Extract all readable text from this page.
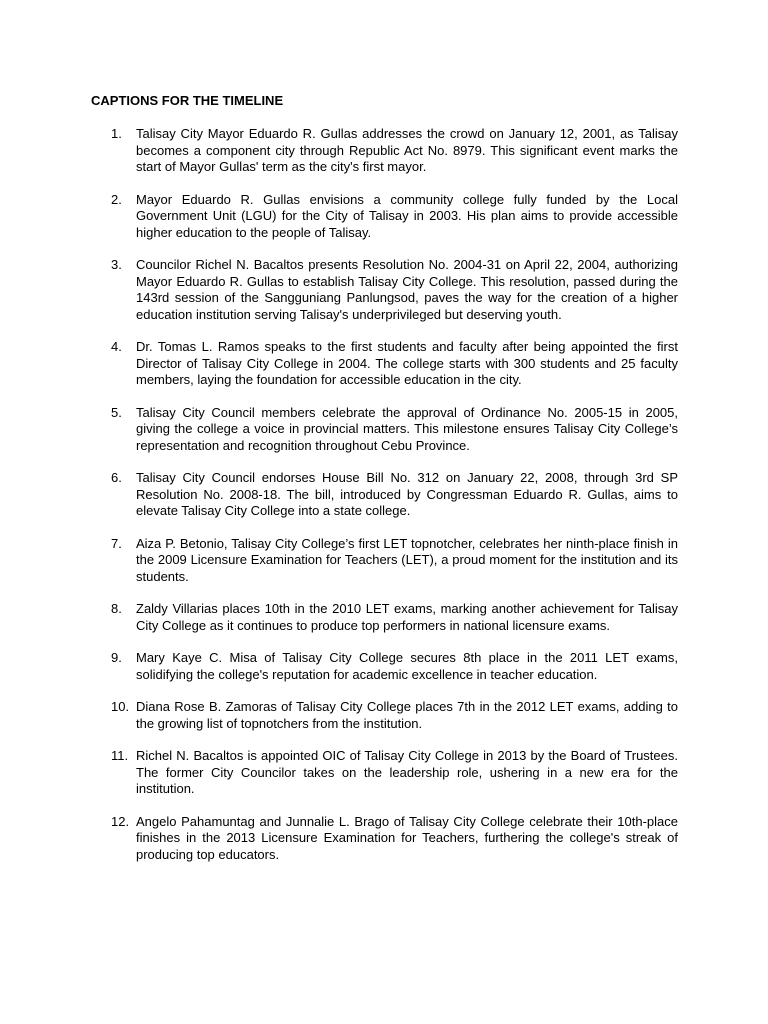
CAPTIONS FOR THE TIMELINE
1.	Talisay City Mayor Eduardo R. Gullas addresses the crowd on January 12, 2001, as Talisay becomes a component city through Republic Act No. 8979. This significant event marks the start of Mayor Gullas' term as the city's first mayor.
2.	Mayor Eduardo R. Gullas envisions a community college fully funded by the Local Government Unit (LGU) for the City of Talisay in 2003. His plan aims to provide accessible higher education to the people of Talisay.
3.	Councilor Richel N. Bacaltos presents Resolution No. 2004-31 on April 22, 2004, authorizing Mayor Eduardo R. Gullas to establish Talisay City College. This resolution, passed during the 143rd session of the Sangguniang Panlungsod, paves the way for the creation of a higher education institution serving Talisay's underprivileged but deserving youth.
4.	Dr. Tomas L. Ramos speaks to the first students and faculty after being appointed the first Director of Talisay City College in 2004. The college starts with 300 students and 25 faculty members, laying the foundation for accessible education in the city.
5.	Talisay City Council members celebrate the approval of Ordinance No. 2005-15 in 2005, giving the college a voice in provincial matters. This milestone ensures Talisay City College’s representation and recognition throughout Cebu Province.
6.	Talisay City Council endorses House Bill No. 312 on January 22, 2008, through 3rd SP Resolution No. 2008-18. The bill, introduced by Congressman Eduardo R. Gullas, aims to elevate Talisay City College into a state college.
7.	Aiza P. Betonio, Talisay City College’s first LET topnotcher, celebrates her ninth-place finish in the 2009 Licensure Examination for Teachers (LET), a proud moment for the institution and its students.
8.	Zaldy Villarias places 10th in the 2010 LET exams, marking another achievement for Talisay City College as it continues to produce top performers in national licensure exams.
9.	Mary Kaye C. Misa of Talisay City College secures 8th place in the 2011 LET exams, solidifying the college's reputation for academic excellence in teacher education.
10. Diana Rose B. Zamoras of Talisay City College places 7th in the 2012 LET exams, adding to the growing list of topnotchers from the institution.
11. Richel N. Bacaltos is appointed OIC of Talisay City College in 2013 by the Board of Trustees. The former City Councilor takes on the leadership role, ushering in a new era for the institution.
12. Angelo Pahamuntag and Junnalie L. Brago of Talisay City College celebrate their 10th-place finishes in the 2013 Licensure Examination for Teachers, furthering the college's streak of producing top educators.
